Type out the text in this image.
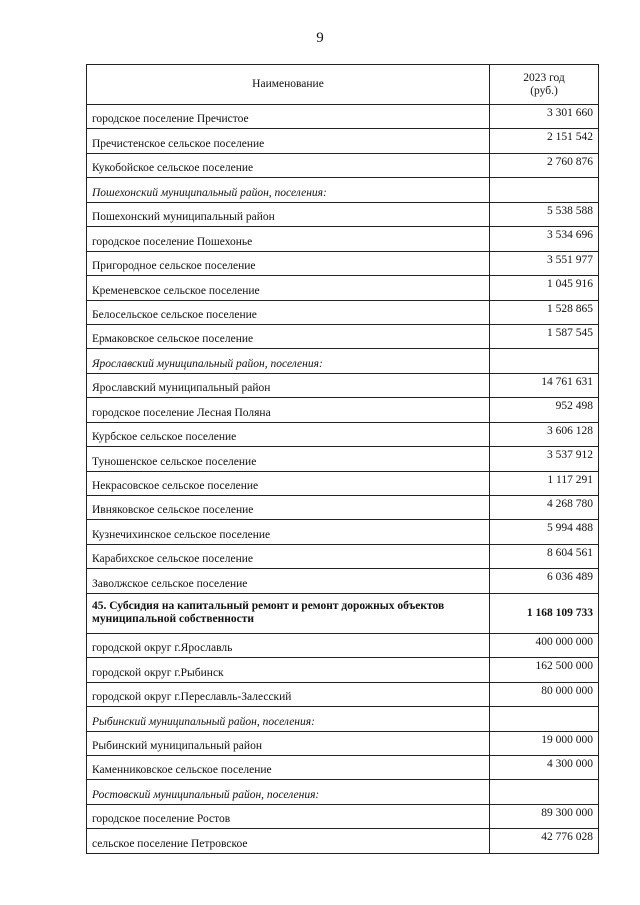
9
Наименование	2023 год
(руб.)
городское поселение Пречистое	3 301 660
Пречистенское сельское поселение	2 151 542
Кукобойское сельское поселение	2 760 876
Пошехонский муниципальный район, поселения:	
Пошехонский муниципальный район	5 538 588
городское поселение Пошехонье	3 534 696
Пригородное сельское поселение	3 551 977
Кременевское сельское поселение	1 045 916
Белосельское сельское поселение	1 528 865
Ермаковское сельское поселение	1 587 545
Ярославский муниципальный район, поселения:	
Ярославский муниципальный район	14 761 631
городское поселение Лесная Поляна	952 498
Курбское сельское поселение	3 606 128
Туношенское сельское поселение	3 537 912
Некрасовское сельское поселение	1 117 291
Ивняковское сельское поселение	4 268 780
Кузнечихинское сельское поселение	5 994 488
Карабихское сельское поселение	8 604 561
Заволжское сельское поселение	6 036 489
45. Субсидия на капитальный ремонт и ремонт дорожных объектов муниципальной собственности	1 168 109 733
городской округ г.Ярославль	400 000 000
городской округ г.Рыбинск	162 500 000
городской округ г.Переславль-Залесский	80 000 000
Рыбинский муниципальный район, поселения:	
Рыбинский муниципальный район	19 000 000
Каменниковское сельское поселение	4 300 000
Ростовский муниципальный район, поселения:	
городское поселение Ростов	89 300 000
сельское поселение Петровское	42 776 028
